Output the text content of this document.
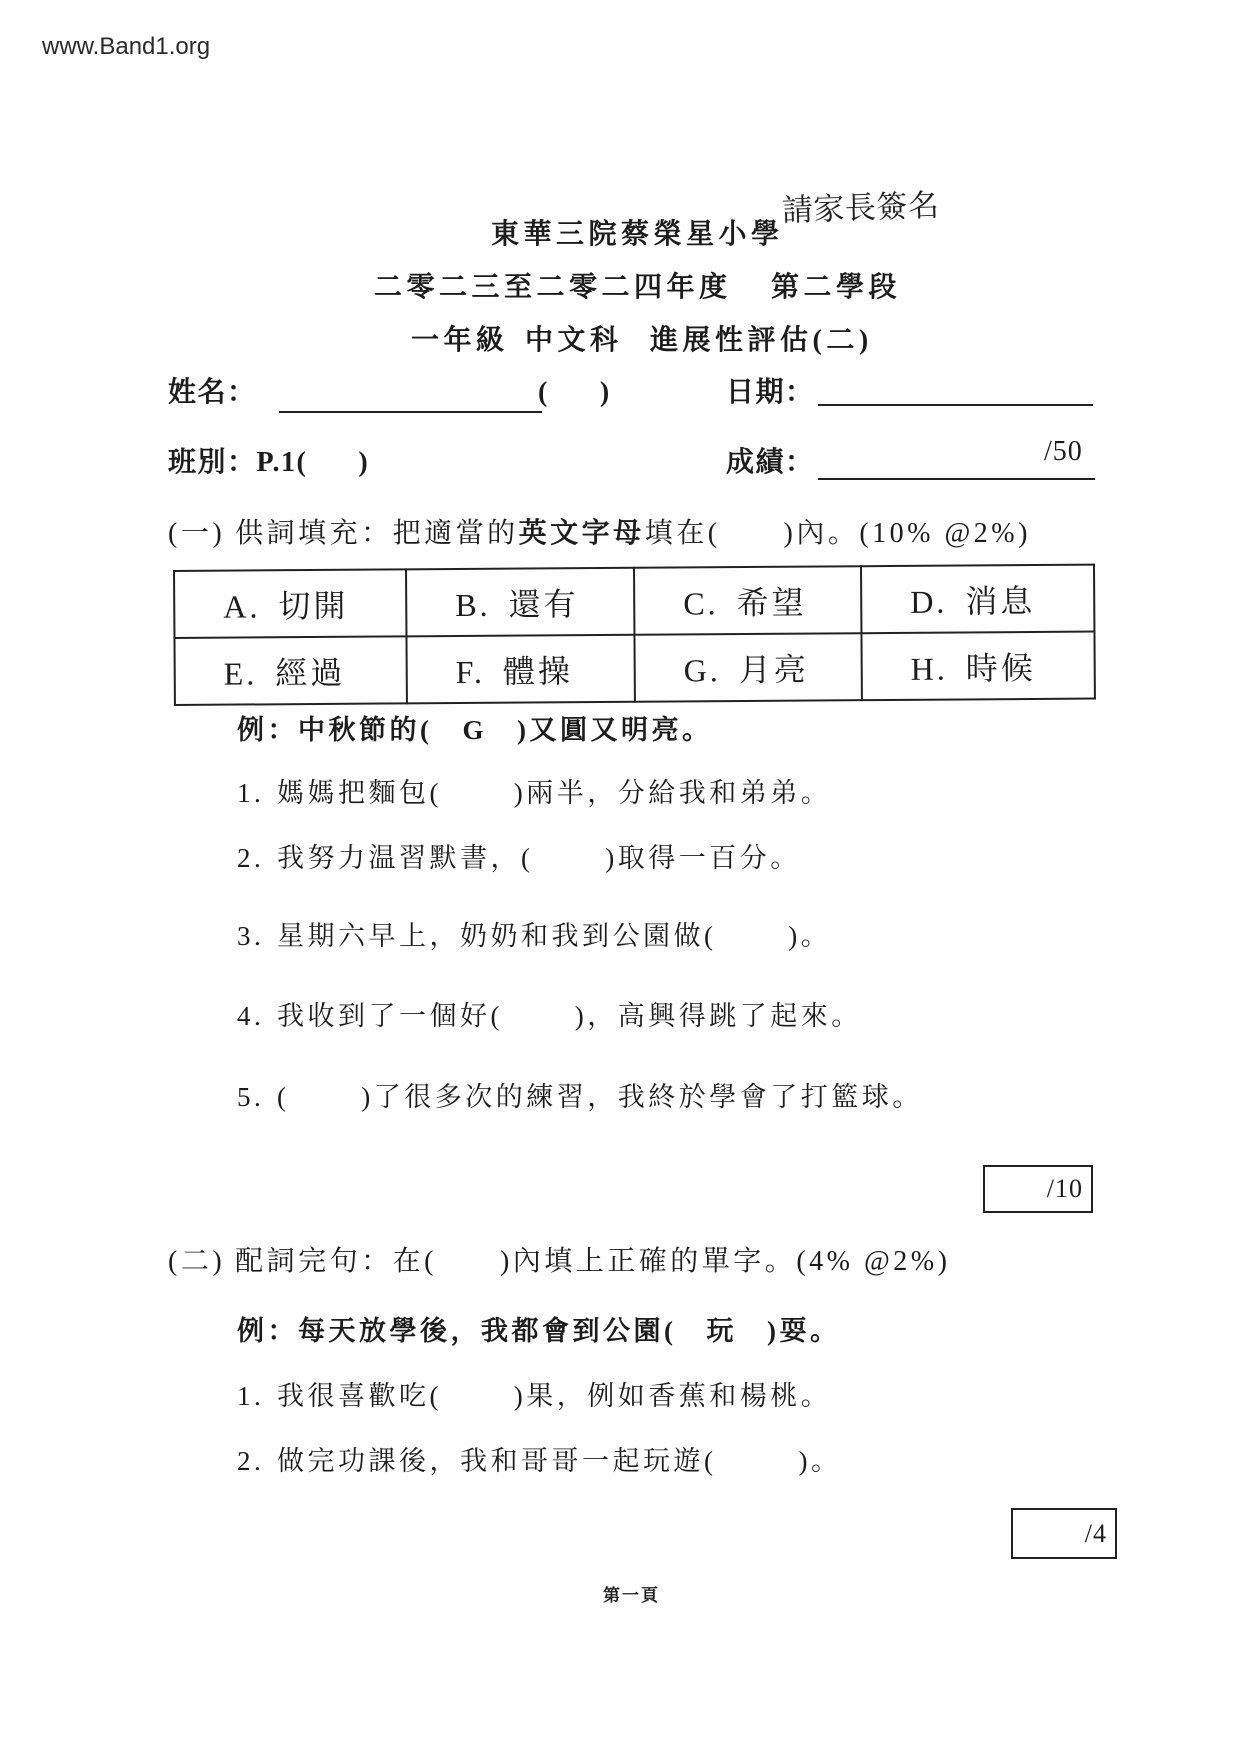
www.Band1.org
東華三院蔡榮星小學
請家長簽名
二零二三至二零二四年度 第二學段
一年級 中文科 進展性評估(二)
姓名：	(      )	日期：
班別：P.1(      )	成績：	/50
(一) 供詞填充：把適當的 英文字母 填在(      )內。 (10% @2%)
A. 切開	B. 還有	C. 希望	D. 消息
E. 經過	F. 體操	G. 月亮	H. 時候
例： 中秋節的(	G	)又圓又明亮。
1. 媽媽把麵包(       )兩半，分給我和弟弟。
2. 我努力温習默書，(       )取得一百分。
3. 星期六早上，奶奶和我到公園做(       )。
4. 我收到了一個好(       )，高興得跳了起來。
5. (       )了很多次的練習，我終於學會了打籃球。
/10
(二) 配詞完句：在(      )內填上正確的單字。 (4% @2%)
例： 每天放學後，我都會到公園(	玩	)耍。
1. 我很喜歡吃(       )果，例如香蕉和楊桃。
2. 做完功課後，我和哥哥一起玩遊(        )。
/4
第一頁
